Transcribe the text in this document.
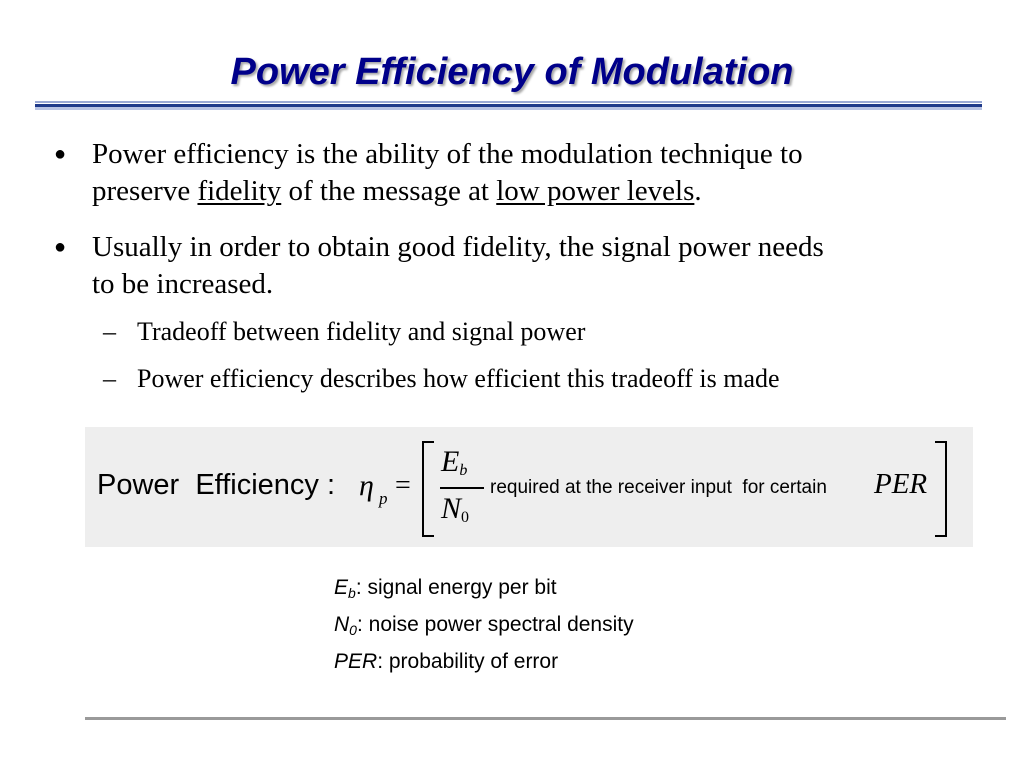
Power Efficiency of Modulation
● Power efficiency is the ability of the modulation technique to
preserve fidelity of the message at low power levels.
● Usually in order to obtain good fidelity, the signal power needs
to be increased.
– Tradeoff between fidelity and signal power
– Power efficiency describes how efficient this tradeoff is made
Power  Efficiency : η p =
$E_b$
$N_0$
required at the receiver input  for certain PER
$E_b$: signal energy per bit
$N_0$: noise power spectral density
PER: probability of error
